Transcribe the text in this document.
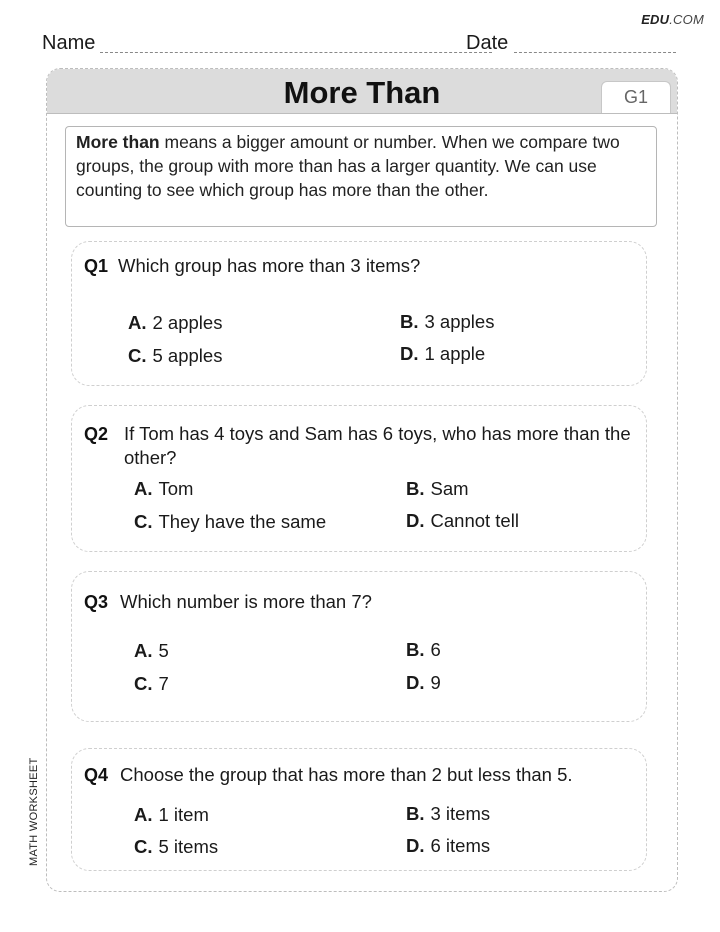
EDU.COM
Name	Date
MATH WORKSHEET
More Than	G1
More than means a bigger amount or number. When we compare two groups, the group with more than has a larger quantity. We can use counting to see which group has more than the other.
Q1 Which group has more than 3 items?
A. 2 apples	B. 3 apples
C. 5 apples	D. 1 apple
Q2 If Tom has 4 toys and Sam has 6 toys, who has more than the other?
A. Tom	B. Sam
C. They have the same	D. Cannot tell
Q3 Which number is more than 7?
A. 5	B. 6
C. 7	D. 9
Q4 Choose the group that has more than 2 but less than 5.
A. 1 item	B. 3 items
C. 5 items	D. 6 items
